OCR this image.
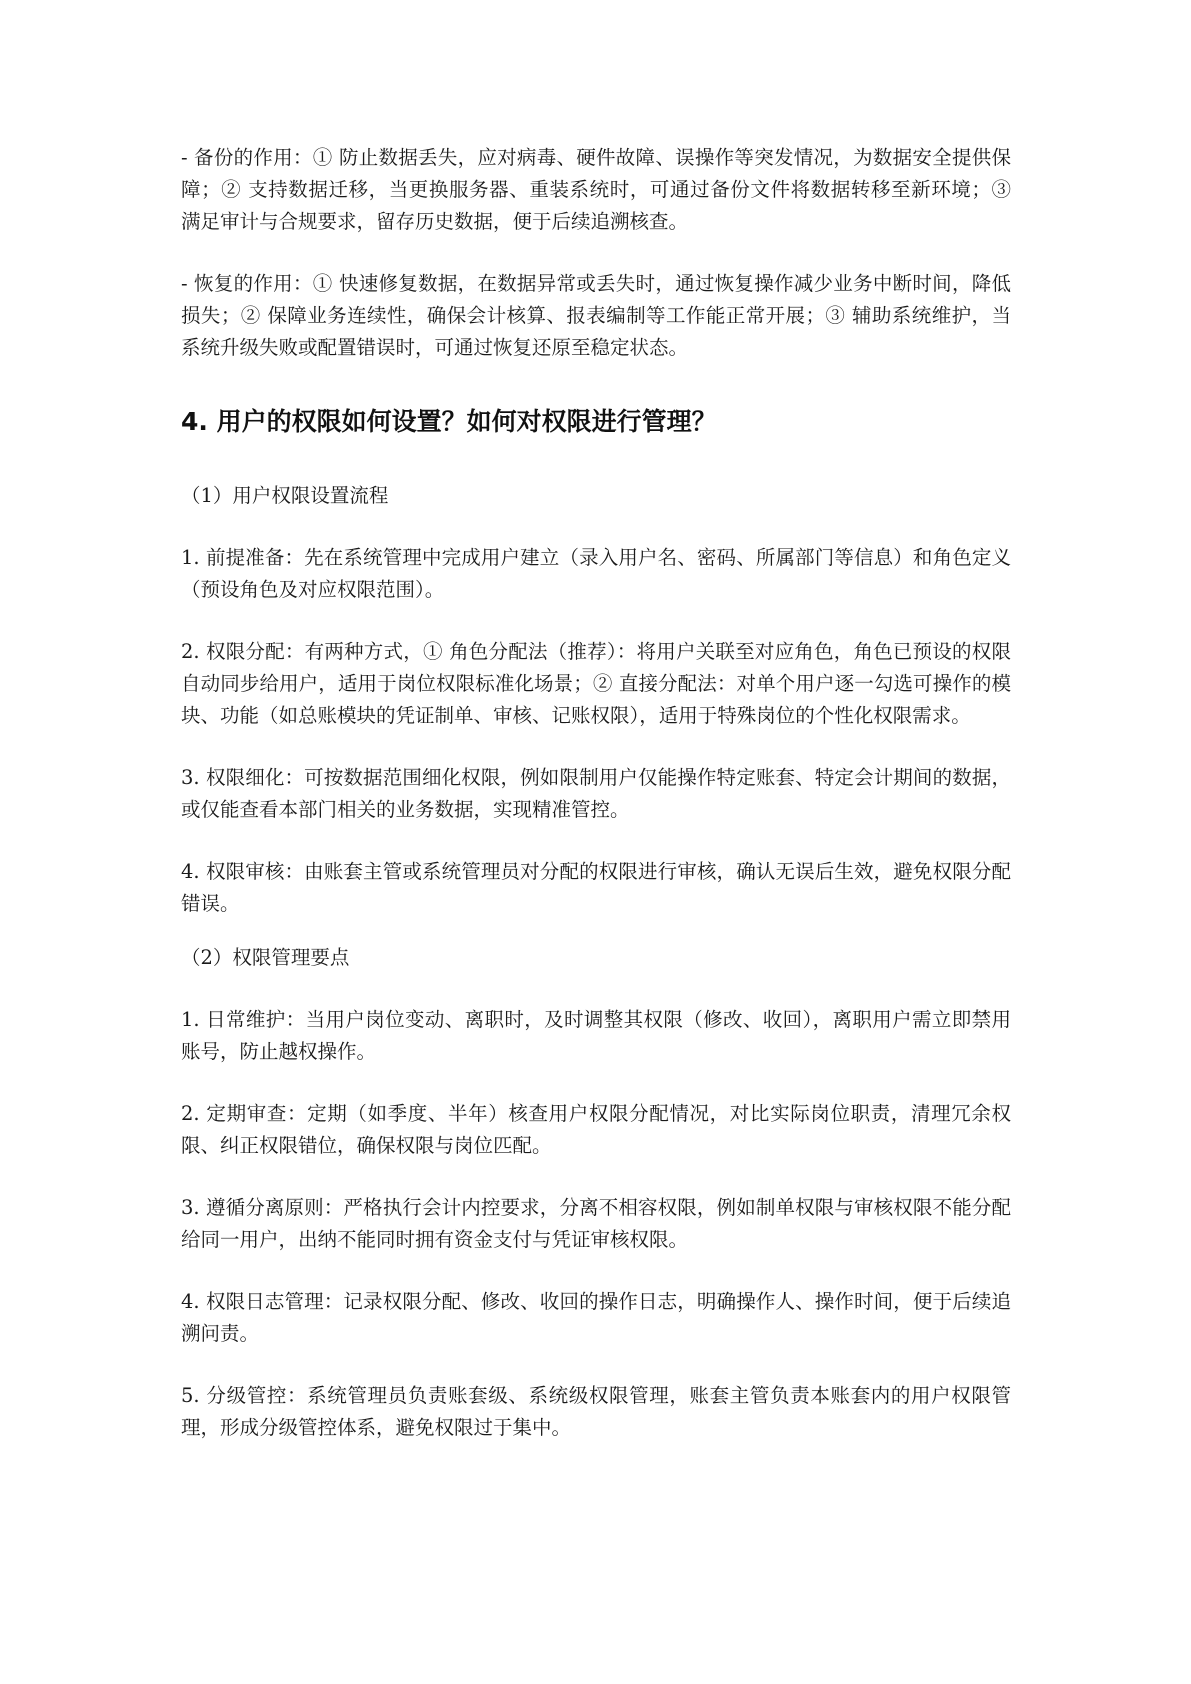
- 备份的作用：① 防止数据丢失，应对病毒、硬件故障、误操作等突发情况，为数据安全提供保障；② 支持数据迁移，当更换服务器、重装系统时，可通过备份文件将数据转移至新环境；③ 满足审计与合规要求，留存历史数据，便于后续追溯核查。

- 恢复的作用：① 快速修复数据，在数据异常或丢失时，通过恢复操作减少业务中断时间，降低损失；② 保障业务连续性，确保会计核算、报表编制等工作能正常开展；③ 辅助系统维护，当系统升级失败或配置错误时，可通过恢复还原至稳定状态。

4. 用户的权限如何设置？如何对权限进行管理？

（1）用户权限设置流程

1. 前提准备：先在系统管理中完成用户建立（录入用户名、密码、所属部门等信息）和角色定义（预设角色及对应权限范围）。

2. 权限分配：有两种方式，① 角色分配法（推荐）：将用户关联至对应角色，角色已预设的权限自动同步给用户，适用于岗位权限标准化场景；② 直接分配法：对单个用户逐一勾选可操作的模块、功能（如总账模块的凭证制单、审核、记账权限），适用于特殊岗位的个性化权限需求。

3. 权限细化：可按数据范围细化权限，例如限制用户仅能操作特定账套、特定会计期间的数据，或仅能查看本部门相关的业务数据，实现精准管控。

4. 权限审核：由账套主管或系统管理员对分配的权限进行审核，确认无误后生效，避免权限分配错误。

（2）权限管理要点

1. 日常维护：当用户岗位变动、离职时，及时调整其权限（修改、收回），离职用户需立即禁用账号，防止越权操作。

2. 定期审查：定期（如季度、半年）核查用户权限分配情况，对比实际岗位职责，清理冗余权限、纠正权限错位，确保权限与岗位匹配。

3. 遵循分离原则：严格执行会计内控要求，分离不相容权限，例如制单权限与审核权限不能分配给同一用户，出纳不能同时拥有资金支付与凭证审核权限。

4. 权限日志管理：记录权限分配、修改、收回的操作日志，明确操作人、操作时间，便于后续追溯问责。

5. 分级管控：系统管理员负责账套级、系统级权限管理，账套主管负责本账套内的用户权限管理，形成分级管控体系，避免权限过于集中。
